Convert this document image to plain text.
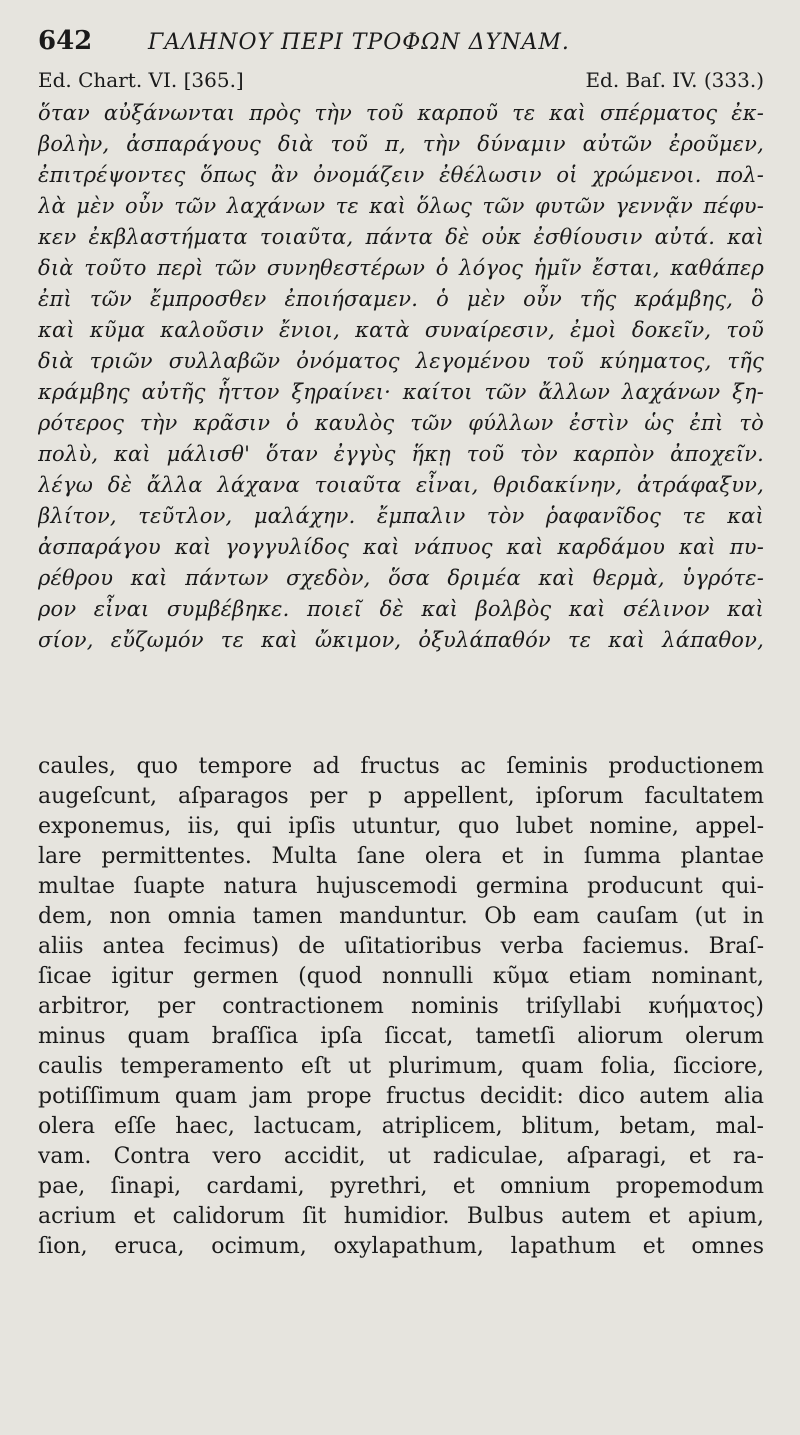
642	ΓΑΛΗΝΟΥ ΠΕΡΙ ΤΡΟΦΩΝ ΔΥΝΑΜ.
Ed. Chart. VI. [365.]	Ed. Baſ. IV. (333.)
ὅταν αὐξάνωνται πρὸς τὴν τοῦ καρποῦ τε καὶ σπέρματος ἐκ-
βολὴν, ἀσπαράγους διὰ τοῦ π, τὴν δύναμιν αὐτῶν ἐροῦμεν,
ἐπιτρέψοντες ὅπως ἂν ὀνομάζειν ἐθέλωσιν οἱ χρώμενοι. πολ-
λὰ μὲν οὖν τῶν λαχάνων τε καὶ ὅλως τῶν φυτῶν γεννᾷν πέφυ-
κεν ἐκβλαστήματα τοιαῦτα, πάντα δὲ οὐκ ἐσθίουσιν αὐτά. καὶ
διὰ τοῦτο περὶ τῶν συνηθεστέρων ὁ λόγος ἡμῖν ἔσται, καθάπερ
ἐπὶ τῶν ἔμπροσθεν ἐποιήσαμεν. ὁ μὲν οὖν τῆς κράμβης, ὃ
καὶ κῦμα καλοῦσιν ἔνιοι, κατὰ συναίρεσιν, ἐμοὶ δοκεῖν, τοῦ
διὰ τριῶν συλλαβῶν ὀνόματος λεγομένου τοῦ κύηματος, τῆς
κράμβης αὐτῆς ἧττον ξηραίνει· καίτοι τῶν ἄλλων λαχάνων ξη-
ρότερος τὴν κρᾶσιν ὁ καυλὸς τῶν φύλλων ἐστὶν ὡς ἐπὶ τὸ
πολὺ, καὶ μάλισθ' ὅταν ἐγγὺς ἥκῃ τοῦ τὸν καρπὸν ἀποχεῖν.
λέγω δὲ ἄλλα λάχανα τοιαῦτα εἶναι, θριδακίνην, ἀτράφαξυν,
βλίτον, τεῦτλον, μαλάχην. ἔμπαλιν τὸν ῥαφανῖδος τε καὶ
ἀσπαράγου καὶ γογγυλίδος καὶ νάπυος καὶ καρδάμου καὶ πυ-
ρέθρου καὶ πάντων σχεδὸν, ὅσα δριμέα καὶ θερμὰ, ὑγρότε-
ρον εἶναι συμβέβηκε. ποιεῖ δὲ καὶ βολβὸς καὶ σέλινον καὶ
σίον, εὔζωμόν τε καὶ ὤκιμον, ὀξυλάπαθόν τε καὶ λάπαθον,
caules, quo tempore ad fructus ac ſeminis productionem
augeſcunt, aſparagos per p appellent, ipſorum facultatem
exponemus, iis, qui ipſis utuntur, quo lubet nomine, appel-
lare permittentes. Multa ſane olera et in ſumma plantae
multae ſuapte natura hujuscemodi germina producunt qui-
dem, non omnia tamen manduntur. Ob eam cauſam (ut in
aliis antea fecimus) de uſitatioribus verba faciemus. Braſ-
ſicae igitur germen (quod nonnulli κῦμα etiam nominant,
arbitror, per contractionem nominis triſyllabi κυήματος)
minus quam braſſica ipſa ſiccat, tametſi aliorum olerum
caulis temperamento eſt ut plurimum, quam folia, ſicciore,
potiſſimum quam jam prope fructus decidit: dico autem alia
olera eſſe haec, lactucam, atriplicem, blitum, betam, mal-
vam. Contra vero accidit, ut radiculae, aſparagi, et ra-
pae, ſinapi, cardami, pyrethri, et omnium propemodum
acrium et calidorum ſit humidior. Bulbus autem et apium,
ſion, eruca, ocimum, oxylapathum, lapathum et omnes
